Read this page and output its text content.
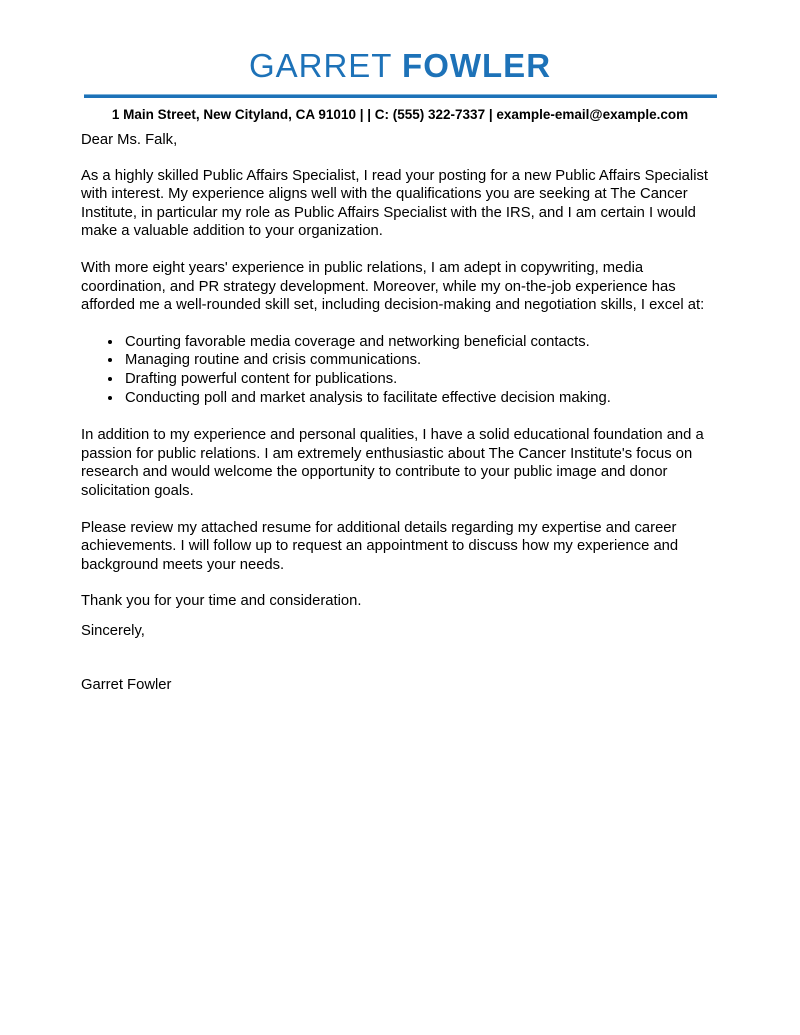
GARRET FOWLER
1 Main Street, New Cityland, CA 91010 | | C: (555) 322-7337 | example-email@example.com

Dear Ms. Falk,

As a highly skilled Public Affairs Specialist, I read your posting for a new Public Affairs Specialist with interest. My experience aligns well with the qualifications you are seeking at The Cancer Institute, in particular my role as Public Affairs Specialist with the IRS, and I am certain I would make a valuable addition to your organization.

With more eight years' experience in public relations, I am adept in copywriting, media coordination, and PR strategy development. Moreover, while my on-the-job experience has afforded me a well-rounded skill set, including decision-making and negotiation skills, I excel at:

• Courting favorable media coverage and networking beneficial contacts.
• Managing routine and crisis communications.
• Drafting powerful content for publications.
• Conducting poll and market analysis to facilitate effective decision making.

In addition to my experience and personal qualities, I have a solid educational foundation and a passion for public relations. I am extremely enthusiastic about The Cancer Institute's focus on research and would welcome the opportunity to contribute to your public image and donor solicitation goals.

Please review my attached resume for additional details regarding my expertise and career achievements. I will follow up to request an appointment to discuss how my experience and background meets your needs.

Thank you for your time and consideration.

Sincerely,

Garret Fowler
